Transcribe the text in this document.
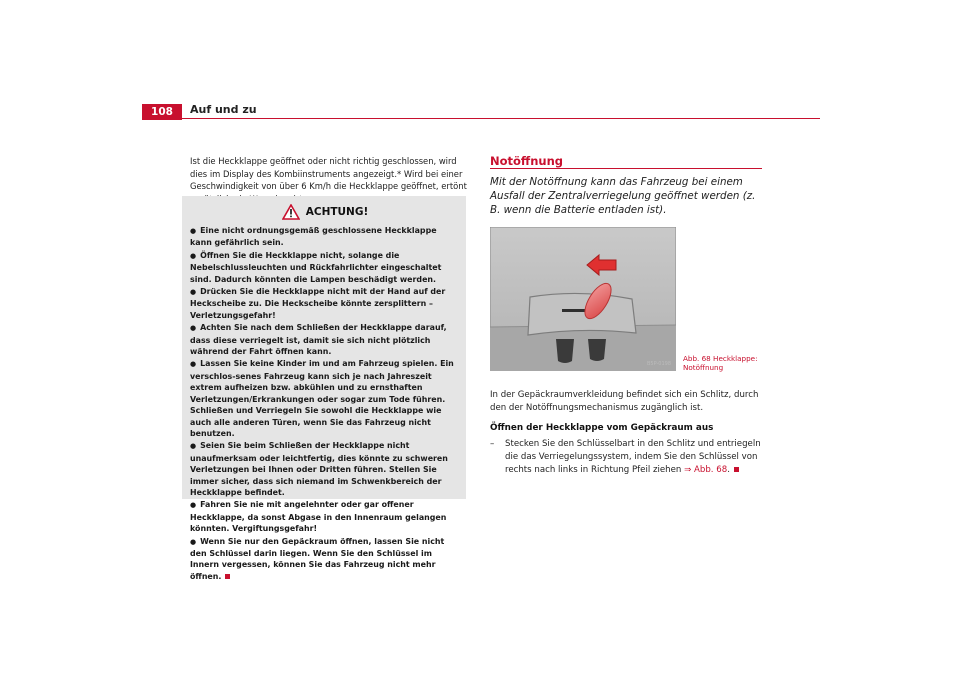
108	Auf und zu

Ist die Heckklappe geöffnet oder nicht richtig geschlossen, wird dies im Display des Kombiinstruments angezeigt.* Wird bei einer Geschwindigkeit von über 6 Km/h die Heckklappe geöffnet, ertönt

ACHTUNG!
● Eine nicht ordnungsgemäß geschlossene Heckklappe kann gefährlich sein.
● Öffnen Sie die Heckklappe nicht, solange die Nebelschlussleuchten und Rückfahrlichter eingeschaltet sind. Dadurch könnten die Lampen beschädigt werden.
● Drücken Sie die Heckklappe nicht mit der Hand auf der Heckscheibe zu. Die Heckscheibe könnte zersplittern – Verletzungsgefahr!
● Achten Sie nach dem Schließen der Heckklappe darauf, dass diese verriegelt ist, damit sie sich nicht plötzlich während der Fahrt öffnen kann.
● Lassen Sie keine Kinder im und am Fahrzeug spielen. Ein verschlos-senes Fahrzeug kann sich je nach Jahreszeit extrem aufheizen bzw. abkühlen und zu ernsthaften Verletzungen/Erkrankungen oder sogar zum Tode führen. Schließen und Verriegeln Sie sowohl die Heckklappe wie auch alle anderen Türen, wenn Sie das Fahrzeug nicht benutzen.
● Seien Sie beim Schließen der Heckklappe nicht unaufmerksam oder leichtfertig, dies könnte zu schweren Verletzungen bei Ihnen oder Dritten führen. Stellen Sie immer sicher, dass sich niemand im Schwenkbereich der Heckklappe befindet.
● Fahren Sie nie mit angelehnter oder gar offener Heckklappe, da sonst Abgase in den Innenraum gelangen könnten. Vergiftungsgefahr!
● Wenn Sie nur den Gepäckraum öffnen, lassen Sie nicht den Schlüssel darin liegen. Wenn Sie den Schlüssel im Innern vergessen, können Sie das Fahrzeug nicht mehr öffnen.
Notöffnung

Mit der Notöffnung kann das Fahrzeug bei einem Ausfall der Zentralverriegelung geöffnet werden (z. B. wenn die Batterie entladen ist).

B5P-0198
Abb. 68 Heckklappe: Notöffnung

In der Gepäckraumverkleidung befindet sich ein Schlitz, durch den der Notöffnungsmechanismus zugänglich ist.

Öffnen der Heckklappe vom Gepäckraum aus
–	Stecken Sie den Schlüsselbart in den Schlitz und entriegeln die das Verriegelungssystem, indem Sie den Schlüssel von rechts nach links in Richtung Pfeil ziehen ⇒ Abb. 68.
